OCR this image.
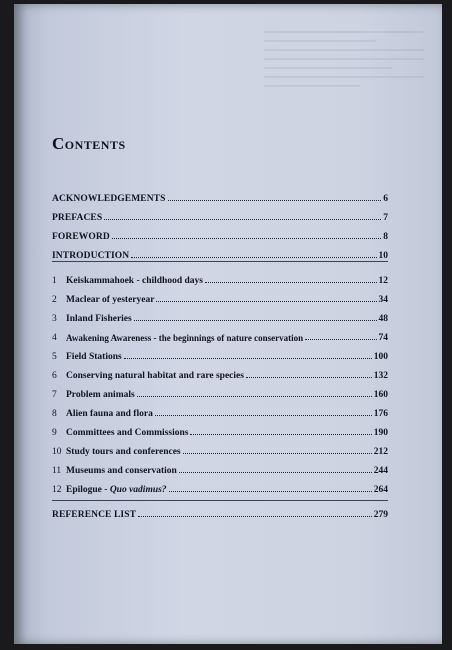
Contents
ACKNOWLEDGEMENTS	6
PREFACES	7
FOREWORD	8
INTRODUCTION	10
1 Keiskammahoek - childhood days	12
2 Maclear of yesteryear	34
3 Inland Fisheries	48
4	Awakening Awareness - the beginnings of nature conservation	74
5 Field Stations	100
6 Conserving natural habitat and rare species	132
7 Problem animals	160
8 Alien fauna and flora	176
9 Committees and Commissions	190
10 Study tours and conferences	212
11 Museums and conservation	244
12 Epilogue - Quo vadimus?	264
REFERENCE LIST	279
